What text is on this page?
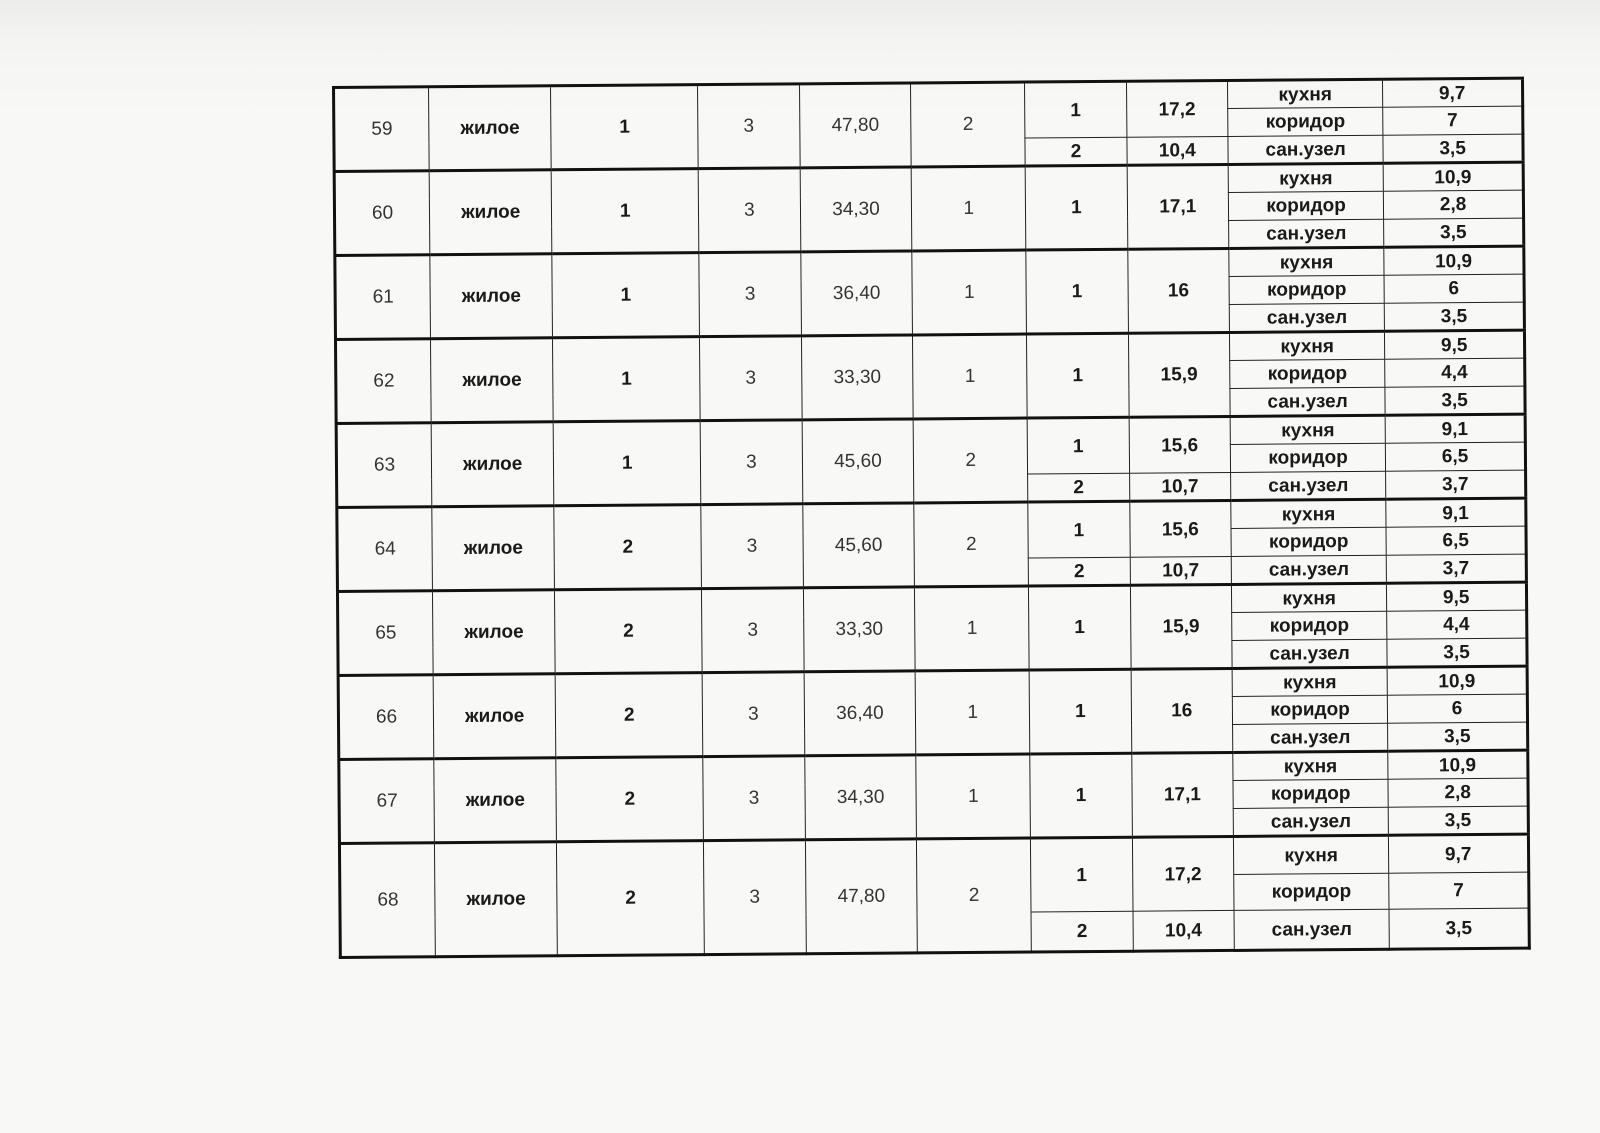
59	жилое	1	3	47,80	2	1	17,2	кухня	9,7
								коридор	7
						2	10,4	сан.узел	3,5
60	жилое	1	3	34,30	1	1	17,1	кухня	10,9
								коридор	2,8
								сан.узел	3,5
61	жилое	1	3	36,40	1	1	16	кухня	10,9
								коридор	6
								сан.узел	3,5
62	жилое	1	3	33,30	1	1	15,9	кухня	9,5
								коридор	4,4
								сан.узел	3,5
63	жилое	1	3	45,60	2	1	15,6	кухня	9,1
								коридор	6,5
						2	10,7	сан.узел	3,7
64	жилое	2	3	45,60	2	1	15,6	кухня	9,1
								коридор	6,5
						2	10,7	сан.узел	3,7
65	жилое	2	3	33,30	1	1	15,9	кухня	9,5
								коридор	4,4
								сан.узел	3,5
66	жилое	2	3	36,40	1	1	16	кухня	10,9
								коридор	6
								сан.узел	3,5
67	жилое	2	3	34,30	1	1	17,1	кухня	10,9
								коридор	2,8
								сан.узел	3,5
68	жилое	2	3	47,80	2	1	17,2	кухня	9,7
								коридор	7
						2	10,4	сан.узел	3,5
